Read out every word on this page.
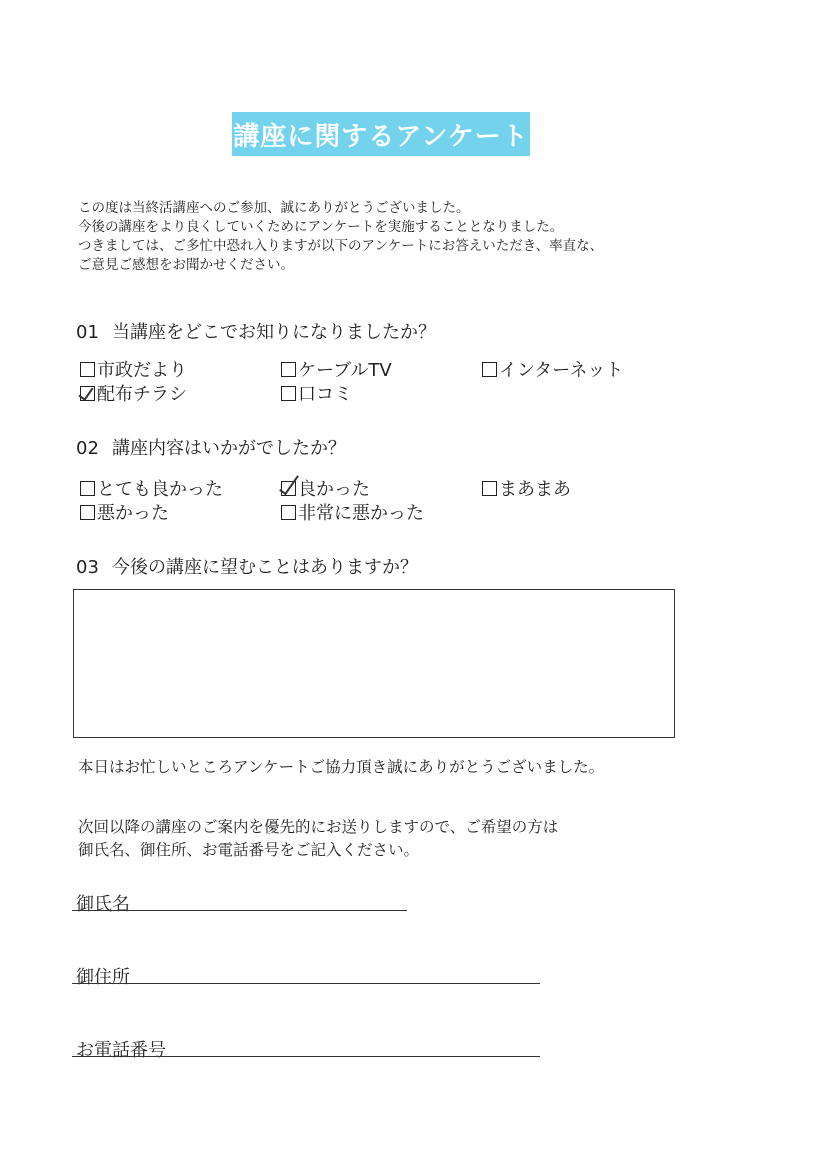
講座に関するアンケート
この度は当終活講座へのご参加、誠にありがとうございました。
今後の講座をより良くしていくためにアンケートを実施することとなりました。
つきましては、ご多忙中恐れ入りますが以下のアンケートにお答えいただき、率直な、
ご意見ご感想をお聞かせください。
01 当講座をどこでお知りになりましたか？
市政だより	ケーブルTV	インターネット
配布チラシ	口コミ
02 講座内容はいかがでしたか？
とても良かった	良かった	まあまあ
悪かった	非常に悪かった
03 今後の講座に望むことはありますか？
本日はお忙しいところアンケートご協力頂き誠にありがとうございました。
次回以降の講座のご案内を優先的にお送りしますので、ご希望の方は
御氏名、御住所、お電話番号をご記入ください。
御氏名
御住所
お電話番号
